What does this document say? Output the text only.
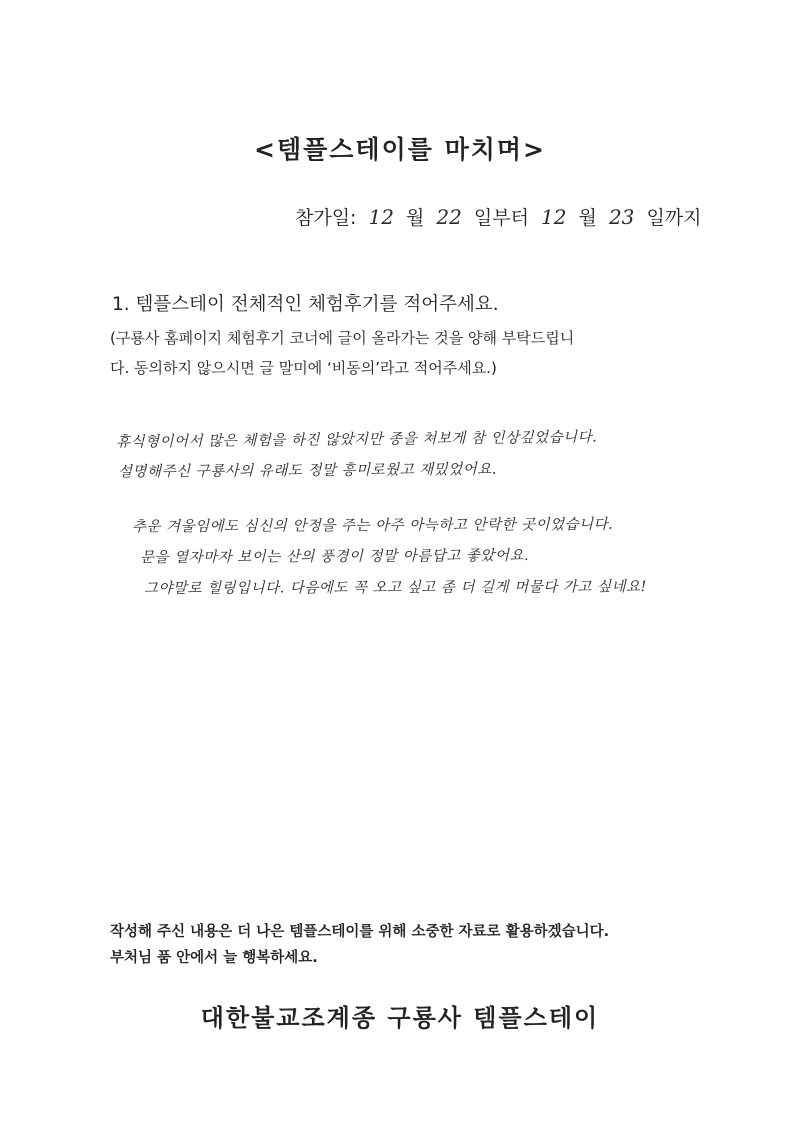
<템플스테이를 마치며>
참가일: 12 월 22 일부터 12 월 23 일까지
1. 템플스테이 전체적인 체험후기를 적어주세요.
(구룡사 홈페이지 체험후기 코너에 글이 올라가는 것을 양해 부탁드립니
다. 동의하지 않으시면 글 말미에 ‘비동의’라고 적어주세요.)
휴식형이어서 많은 체험을 하진 않았지만 종을 쳐보게 참 인상깊었습니다.
설명해주신 구룡사의 유래도 정말 흥미로웠고 재밌었어요.
추운 겨울임에도 심신의 안정을 주는 아주 아늑하고 안락한 곳이었습니다.
문을 열자마자 보이는 산의 풍경이 정말 아름답고 좋았어요.
그야말로 힐링입니다. 다음에도 꼭 오고 싶고 좀 더 길게 머물다 가고 싶네요!
작성해 주신 내용은 더 나은 템플스테이를 위해 소중한 자료로 활용하겠습니다.
부처님 품 안에서 늘 행복하세요.
대한불교조계종 구룡사 템플스테이
